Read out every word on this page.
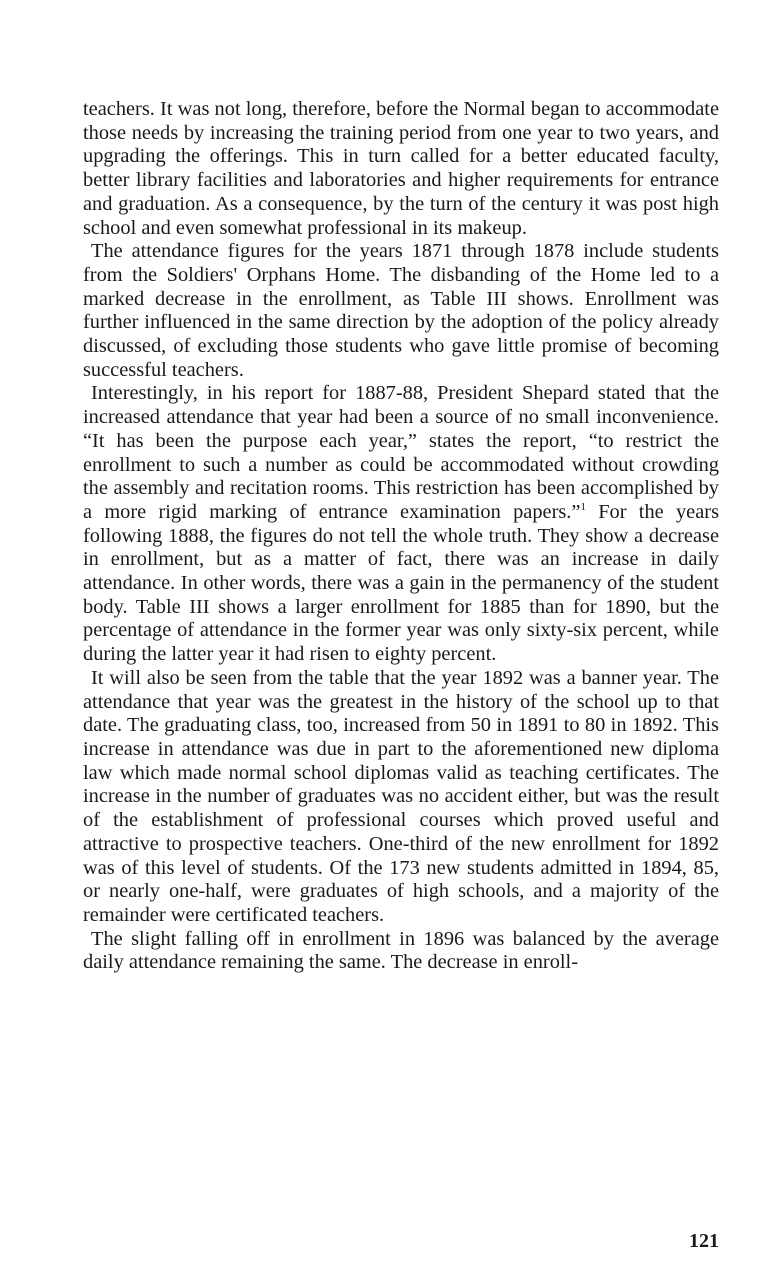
teachers. It was not long, therefore, before the Normal began to accommodate those needs by increasing the training period from one year to two years, and upgrading the offerings. This in turn called for a better educated faculty, better library facilities and laboratories and higher requirements for entrance and graduation. As a consequence, by the turn of the century it was post high school and even somewhat professional in its makeup.

The attendance figures for the years 1871 through 1878 include students from the Soldiers' Orphans Home. The disbanding of the Home led to a marked decrease in the enrollment, as Table III shows. Enrollment was further influenced in the same direction by the adoption of the policy already discussed, of excluding those students who gave little promise of becoming successful teachers.

Interestingly, in his report for 1887-88, President Shepard stated that the increased attendance that year had been a source of no small inconvenience. “It has been the purpose each year,” states the report, “to restrict the enrollment to such a number as could be accommodated without crowding the assembly and recitation rooms. This restriction has been accomplished by a more rigid marking of entrance examination papers.”$^1$ For the years following 1888, the figures do not tell the whole truth. They show a decrease in enrollment, but as a matter of fact, there was an increase in daily attendance. In other words, there was a gain in the permanency of the student body. Table III shows a larger enrollment for 1885 than for 1890, but the percentage of attendance in the former year was only sixty-six percent, while during the latter year it had risen to eighty percent.

It will also be seen from the table that the year 1892 was a banner year. The attendance that year was the greatest in the history of the school up to that date. The graduating class, too, increased from 50 in 1891 to 80 in 1892. This increase in attendance was due in part to the aforementioned new diploma law which made normal school diplomas valid as teaching certificates. The increase in the number of graduates was no accident either, but was the result of the establishment of professional courses which proved useful and attractive to prospective teachers. One-third of the new enrollment for 1892 was of this level of students. Of the 173 new students admitted in 1894, 85, or nearly one-half, were graduates of high schools, and a majority of the remainder were certificated teachers.

The slight falling off in enrollment in 1896 was balanced by the average daily attendance remaining the same. The decrease in enroll-

121
